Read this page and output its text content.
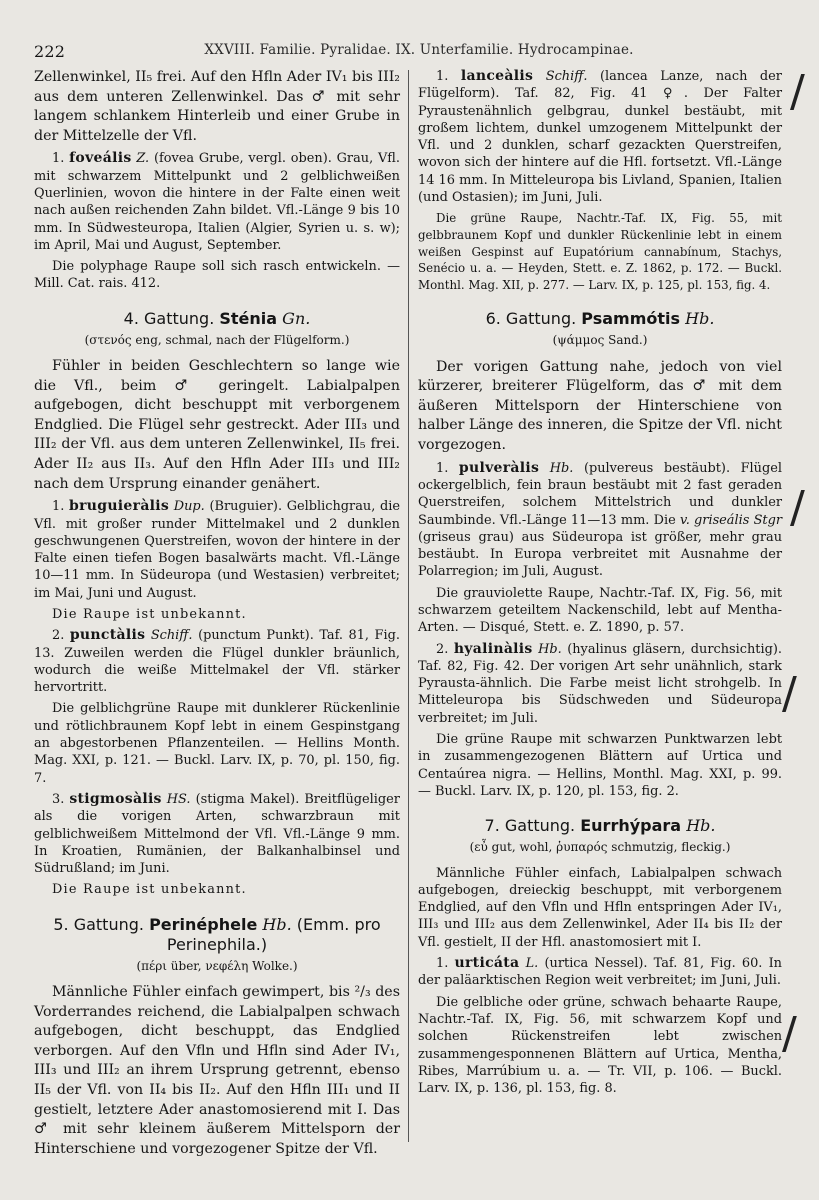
222	XXVIII. Familie. Pyralidae. IX. Unterfamilie. Hydrocampinae.

Zellenwinkel, II₅ frei. Auf den Hfln Ader IV₁ bis III₂ aus dem unteren Zellenwinkel. Das ♂ mit sehr langem schlankem Hinterleib und einer Grube in der Mittelzelle der Vfl.

1. foveális Z. (fovea Grube, vergl. oben). Grau, Vfl. mit schwarzem Mittelpunkt und 2 gelblichweißen Querlinien, wovon die hintere in der Falte einen weit nach außen reichenden Zahn bildet. Vfl.-Länge 9 bis 10 mm. In Südwesteuropa, Italien (Algier, Syrien u. s. w); im April, Mai und August, September.

Die polyphage Raupe soll sich rasch entwickeln. — Mill. Cat. rais. 412.

4. Gattung. Sténia Gn.

(στενός eng, schmal, nach der Flügelform.)

Fühler in beiden Geschlechtern so lange wie die Vfl., beim ♂ geringelt. Labialpalpen aufgebogen, dicht beschuppt mit verborgenem Endglied. Die Flügel sehr gestreckt. Ader III₃ und III₂ der Vfl. aus dem unteren Zellenwinkel, II₅ frei. Ader II₂ aus II₃. Auf den Hfln Ader III₃ und III₂ nach dem Ursprung einander genähert.

1. bruguieràlis Dup. (Bruguier). Gelblichgrau, die Vfl. mit großer runder Mittelmakel und 2 dunklen geschwungenen Querstreifen, wovon der hintere in der Falte einen tiefen Bogen basalwärts macht. Vfl.-Länge 10—11 mm. In Südeuropa (und Westasien) verbreitet; im Mai, Juni und August.

Die Raupe ist unbekannt.

2. punctàlis Schiff. (punctum Punkt). Taf. 81, Fig. 13. Zuweilen werden die Flügel dunkler bräunlich, wodurch die weiße Mittelmakel der Vfl. stärker hervortritt.

Die gelblichgrüne Raupe mit dunklerer Rückenlinie und rötlichbraunem Kopf lebt in einem Gespinstgang an abgestorbenen Pflanzenteilen. — Hellins Month. Mag. XXI, p. 121. — Buckl. Larv. IX, p. 70, pl. 150, fig. 7.

3. stigmosàlis HS. (stigma Makel). Breitflügeliger als die vorigen Arten, schwarzbraun mit gelblichweißem Mittelmond der Vfl. Vfl.-Länge 9 mm. In Kroatien, Rumänien, der Balkanhalbinsel und Südrußland; im Juni.

Die Raupe ist unbekannt.

5. Gattung. Perinéphele Hb. (Emm. pro Perinephila.)

(πέρι über, νεφέλη Wolke.)

Männliche Fühler einfach gewimpert, bis ²/₃ des Vorderrandes reichend, die Labialpalpen schwach aufgebogen, dicht beschuppt, das Endglied verborgen. Auf den Vfln und Hfln sind Ader IV₁, III₃ und III₂ an ihrem Ursprung getrennt, ebenso II₅ der Vfl. von II₄ bis II₂. Auf den Hfln III₁ und II gestielt, letztere Ader anastomosierend mit I. Das ♂ mit sehr kleinem äußerem Mittelsporn der Hinterschiene und vorgezogener Spitze der Vfl.

1. lanceàlis Schiff. (lancea Lanze, nach der Flügelform). Taf. 82, Fig. 41 ♀. Der Falter Pyraustenähnlich gelbgrau, dunkel bestäubt, mit großem lichtem, dunkel umzogenem Mittelpunkt der Vfl. und 2 dunklen, scharf gezackten Querstreifen, wovon sich der hintere auf die Hfl. fortsetzt. Vfl.-Länge 14 16 mm. In Mitteleuropa bis Livland, Spanien, Italien (und Ostasien); im Juni, Juli.

Die grüne Raupe, Nachtr.-Taf. IX, Fig. 55, mit gelbbraunem Kopf und dunkler Rückenlinie lebt in einem weißen Gespinst auf Eupatórium cannabínum, Stachys, Senécio u. a. — Heyden, Stett. e. Z. 1862, p. 172. — Buckl. Monthl. Mag. XII, p. 277. — Larv. IX, p. 125, pl. 153, fig. 4.

6. Gattung. Psammótis Hb.

(ψάμμος Sand.)

Der vorigen Gattung nahe, jedoch von viel kürzerer, breiterer Flügelform, das ♂ mit dem äußeren Mittelsporn der Hinterschiene von halber Länge des inneren, die Spitze der Vfl. nicht vorgezogen.

1. pulveràlis Hb. (pulvereus bestäubt). Flügel ockergelblich, fein braun bestäubt mit 2 fast geraden Querstreifen, solchem Mittelstrich und dunkler Saumbinde. Vfl.-Länge 11—13 mm. Die v. griseális Stgr (griseus grau) aus Südeuropa ist größer, mehr grau bestäubt. In Europa verbreitet mit Ausnahme der Polarregion; im Juli, August.

Die grauviolette Raupe, Nachtr.-Taf. IX, Fig. 56, mit schwarzem geteiltem Nackenschild, lebt auf Mentha-Arten. — Disqué, Stett. e. Z. 1890, p. 57.

2. hyalinàlis Hb. (hyalinus gläsern, durchsichtig). Taf. 82, Fig. 42. Der vorigen Art sehr unähnlich, stark Pyrausta-ähnlich. Die Farbe meist licht strohgelb. In Mitteleuropa bis Südschweden und Südeuropa verbreitet; im Juli.

Die grüne Raupe mit schwarzen Punktwarzen lebt in zusammengezogenen Blättern auf Urtica und Centaúrea nigra. — Hellins, Monthl. Mag. XXI, p. 99. — Buckl. Larv. IX, p. 120, pl. 153, fig. 2.

7. Gattung. Eurrhýpara Hb.

(εὖ gut, wohl, ῥυπαρός schmutzig, fleckig.)

Männliche Fühler einfach, Labialpalpen schwach aufgebogen, dreieckig beschuppt, mit verborgenem Endglied, auf den Vfln und Hfln entspringen Ader IV₁, III₃ und III₂ aus dem Zellenwinkel, Ader II₄ bis II₂ der Vfl. gestielt, II der Hfl. anastomosiert mit I.

1. urticáta L. (urtica Nessel). Taf. 81, Fig. 60. In der paläarktischen Region weit verbreitet; im Juni, Juli.

Die gelbliche oder grüne, schwach behaarte Raupe, Nachtr.-Taf. IX, Fig. 56, mit schwarzem Kopf und solchen Rückenstreifen lebt zwischen zusammengesponnenen Blättern auf Urtica, Mentha, Ribes, Marrúbium u. a. — Tr. VII, p. 106. — Buckl. Larv. IX, p. 136, pl. 153, fig. 8.

/
/
/
/
